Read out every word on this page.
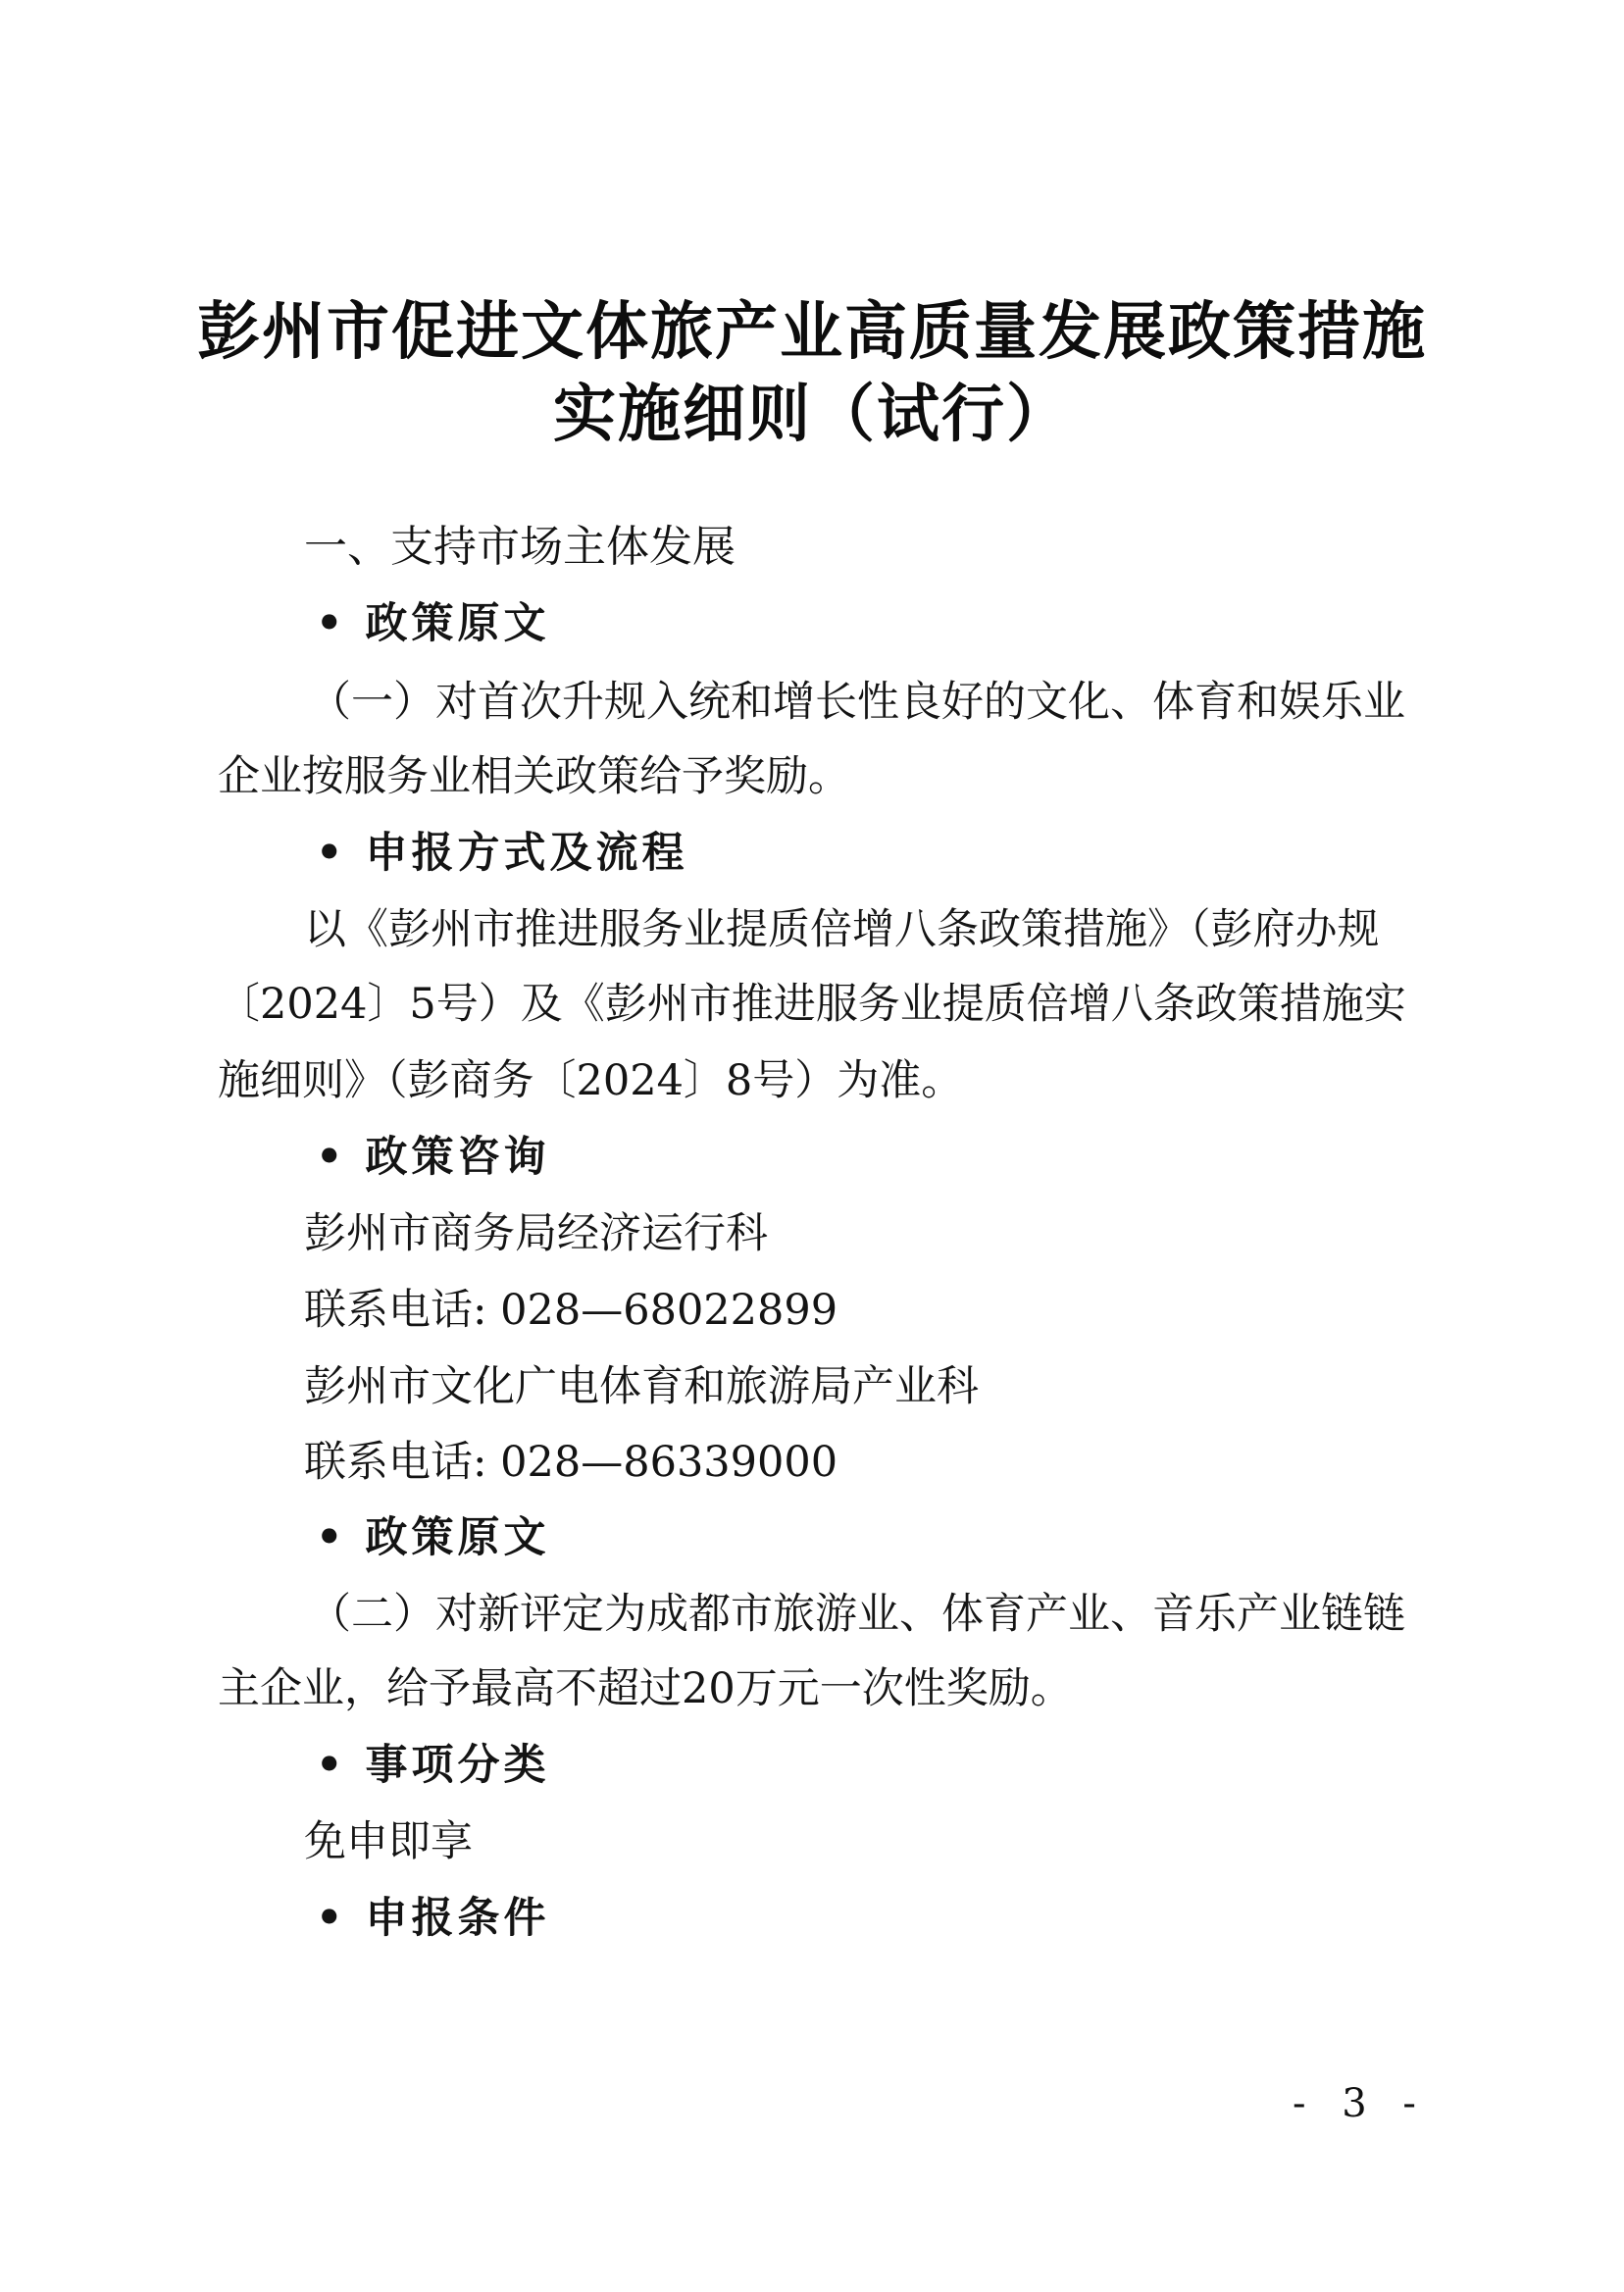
彭州市促进文体旅产业高质量发展政策措施
实施细则（试行）
一、支持市场主体发展
• 政策原文
（一）对首次升规入统和增长性良好的文化、体育和娱乐业
企业按服务业相关政策给予奖励。
• 申报方式及流程
以《彭州市推进服务业提质倍增八条政策措施》（彭府办规
〔2024〕5号）及《彭州市推进服务业提质倍增八条政策措施实
施细则》（彭商务〔2024〕8号）为准。
• 政策咨询
彭州市商务局经济运行科
联系电话: 028—68022899
彭州市文化广电体育和旅游局产业科
联系电话: 028—86339000
• 政策原文
（二）对新评定为成都市旅游业、体育产业、音乐产业链链
主企业，给予最高不超过20万元一次性奖励。
• 事项分类
免申即享
• 申报条件
- 3 -
